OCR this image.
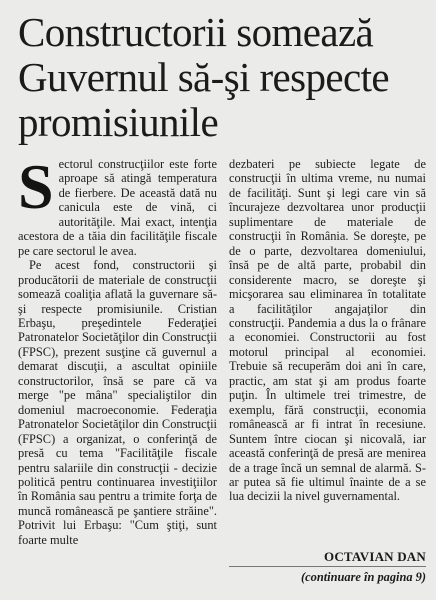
Constructorii somează
Guvernul să-şi respecte
promisiunile

Sectorul construcţiilor este forte aproape să atingă temperatura de fierbere. De această dată nu canicula este de vină, ci autorităţile. Mai exact, intenţia acestora de a tăia din facilităţile fiscale pe care sectorul le avea.

Pe acest fond, constructorii şi producătorii de materiale de construcţii somează coaliţia aflată la guvernare să-şi respecte promisiunile. Cristian Erbaşu, preşedintele Federaţiei Patronatelor Societăţilor din Construcţii (FPSC), prezent susţine că guvernul a demarat discuţii, a ascultat opiniile constructorilor, însă se pare că va merge "pe mâna" specialiştilor din domeniul macroeconomie. Federaţia Patronatelor Societăţilor din Construcţii (FPSC) a organizat, o conferinţă de presă cu tema "Facilităţile fiscale pentru salariile din construcţii - decizie politică pentru continuarea investiţiilor în România sau pentru a trimite forţa de muncă românească pe şantiere străine". Potrivit lui Erbaşu: "Cum ştiţi, sunt foarte multe

dezbateri pe subiecte legate de construcţii în ultima vreme, nu numai de facilităţi. Sunt şi legi care vin să încurajeze dezvoltarea unor producţii suplimentare de materiale de construcţii în România. Se doreşte, pe de o parte, dezvoltarea domeniului, însă pe de altă parte, probabil din considerente macro, se doreşte şi micşorarea sau eliminarea în totalitate a facilităţilor angajaţilor din construcţii. Pandemia a dus la o frânare a economiei. Constructorii au fost motorul principal al economiei. Trebuie să recuperăm doi ani în care, practic, am stat şi am produs foarte puţin. În ultimele trei trimestre, de exemplu, fără construcţii, economia românească ar fi intrat în recesiune. Suntem între ciocan şi nicovală, iar această conferinţă de presă are menirea de a trage încă un semnal de alarmă. S-ar putea să fie ultimul înainte de a se lua decizii la nivel guvernamental.

OCTAVIAN DAN

(continuare în pagina 9)
